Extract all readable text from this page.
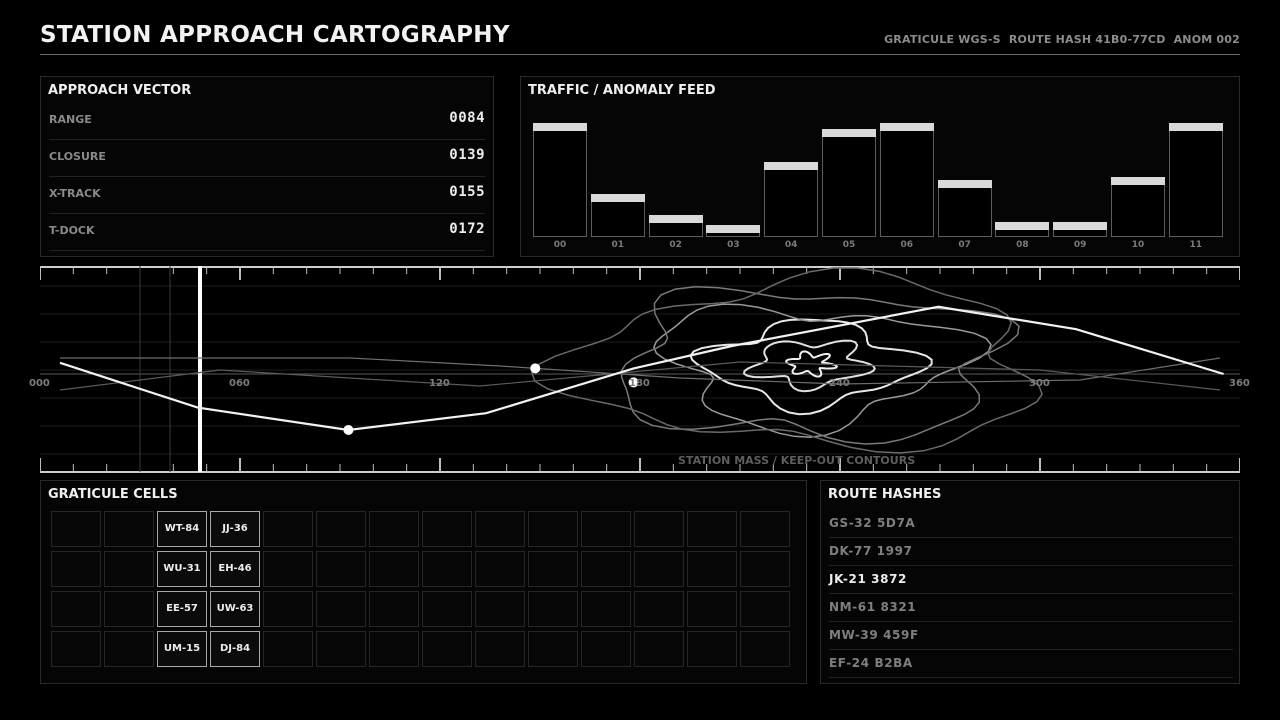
STATION APPROACH CARTOGRAPHY	GRATICULE WGS-S  ROUTE HASH 41B0-77CD  ANOM 002
APPROACH VECTOR
RANGE	0084
CLOSURE	0139
X-TRACK	0155
T-DOCK	0172
TRAFFIC / ANOMALY FEED
00	01	02	03	04	05	06	07	08	09	10	11
000	060	120	180	240	300	360
STATION MASS / KEEP-OUT CONTOURS
GRATICULE CELLS
WT-84	JJ-36
WU-31	EH-46
EE-57	UW-63
UM-15	DJ-84
ROUTE HASHES
GS-32 5D7A
DK-77 1997
JK-21 3872
NM-61 8321
MW-39 459F
EF-24 B2BA
